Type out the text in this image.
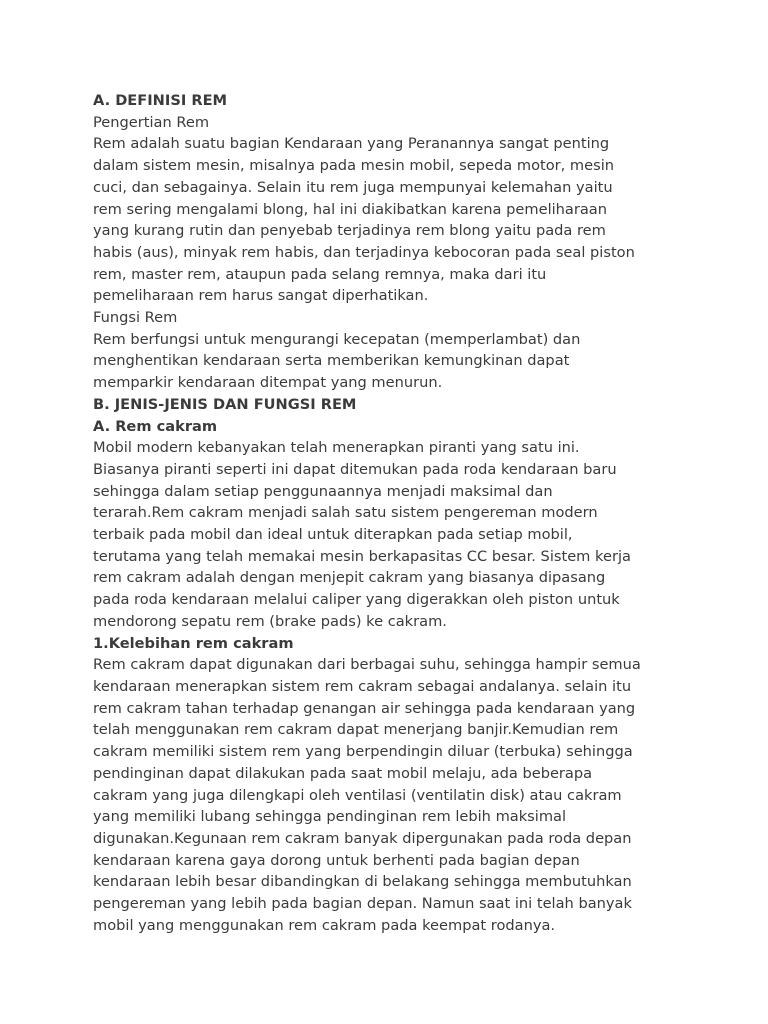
A. DEFINISI REM
Pengertian Rem
Rem adalah suatu bagian Kendaraan yang Peranannya sangat penting
dalam sistem mesin, misalnya pada mesin mobil, sepeda motor, mesin
cuci, dan sebagainya. Selain itu rem juga mempunyai kelemahan yaitu
rem sering mengalami blong, hal ini diakibatkan karena pemeliharaan
yang kurang rutin dan penyebab terjadinya rem blong yaitu pada rem
habis (aus), minyak rem habis, dan terjadinya kebocoran pada seal piston
rem, master rem, ataupun pada selang remnya, maka dari itu
pemeliharaan rem harus sangat diperhatikan.
Fungsi Rem
Rem berfungsi untuk mengurangi kecepatan (memperlambat) dan
menghentikan kendaraan serta memberikan kemungkinan dapat
memparkir kendaraan ditempat yang menurun.
B. JENIS-JENIS DAN FUNGSI REM
A. Rem cakram
Mobil modern kebanyakan telah menerapkan piranti yang satu ini.
Biasanya piranti seperti ini dapat ditemukan pada roda kendaraan baru
sehingga dalam setiap penggunaannya menjadi maksimal dan
terarah.Rem cakram menjadi salah satu sistem pengereman modern
terbaik pada mobil dan ideal untuk diterapkan pada setiap mobil,
terutama yang telah memakai mesin berkapasitas CC besar. Sistem kerja
rem cakram adalah dengan menjepit cakram yang biasanya dipasang
pada roda kendaraan melalui caliper yang digerakkan oleh piston untuk
mendorong sepatu rem (brake pads) ke cakram.
1.Kelebihan rem cakram
Rem cakram dapat digunakan dari berbagai suhu, sehingga hampir semua
kendaraan menerapkan sistem rem cakram sebagai andalanya. selain itu
rem cakram tahan terhadap genangan air sehingga pada kendaraan yang
telah menggunakan rem cakram dapat menerjang banjir.Kemudian rem
cakram memiliki sistem rem yang berpendingin diluar (terbuka) sehingga
pendinginan dapat dilakukan pada saat mobil melaju, ada beberapa
cakram yang juga dilengkapi oleh ventilasi (ventilatin disk) atau cakram
yang memiliki lubang sehingga pendinginan rem lebih maksimal
digunakan.Kegunaan rem cakram banyak dipergunakan pada roda depan
kendaraan karena gaya dorong untuk berhenti pada bagian depan
kendaraan lebih besar dibandingkan di belakang sehingga membutuhkan
pengereman yang lebih pada bagian depan. Namun saat ini telah banyak
mobil yang menggunakan rem cakram pada keempat rodanya.
